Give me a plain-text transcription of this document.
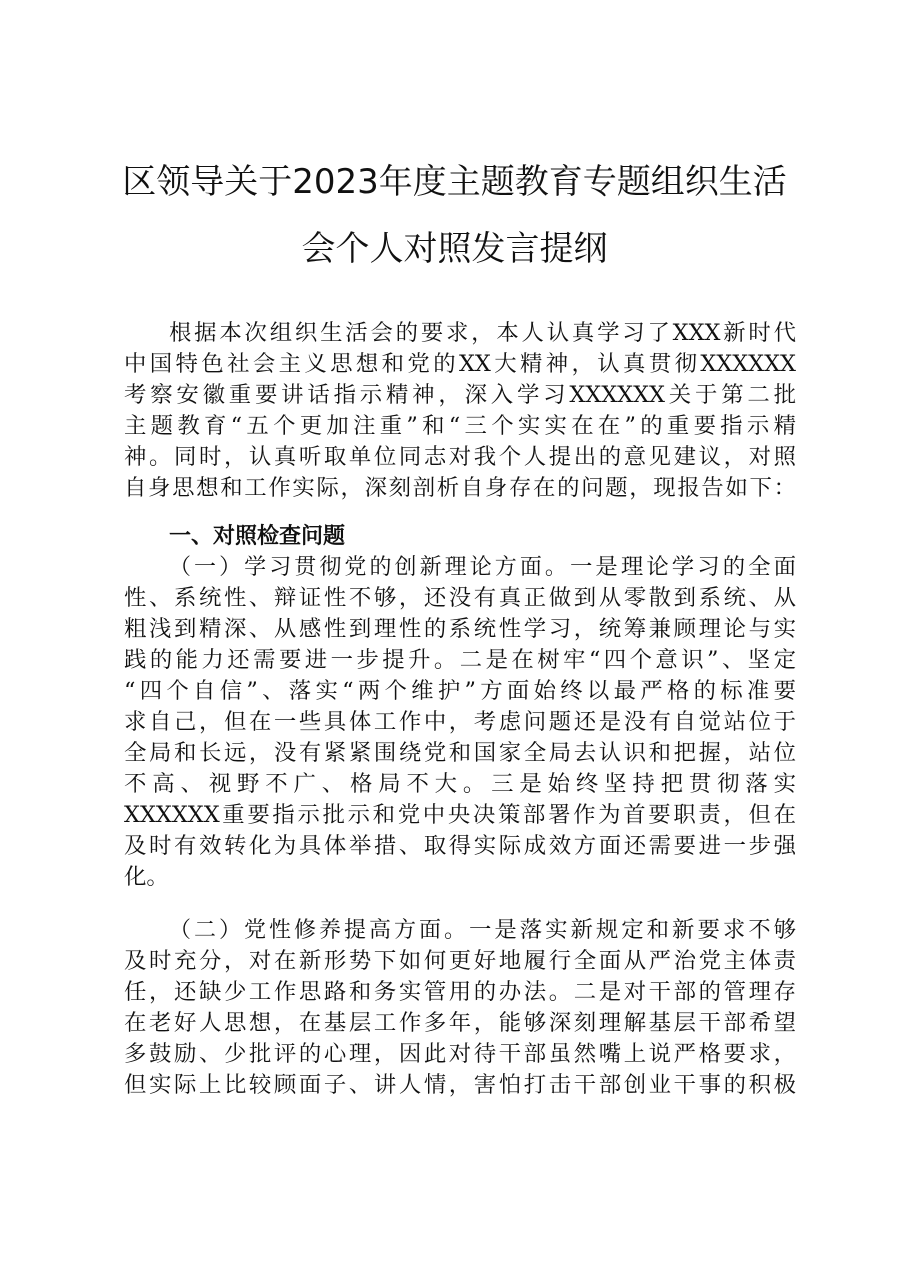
区领导关于2023年度主题教育专题组织生活
会个人对照发言提纲
根据本次组织生活会的要求，本人认真学习了XXX新时代
中国特色社会主义思想和党的XX大精神，认真贯彻XXXXXX
考察安徽重要讲话指示精神，深入学习XXXXXX关于第二批
主题教育“五个更加注重”和“三个实实在在”的重要指示精
神。同时，认真听取单位同志对我个人提出的意见建议，对照
自身思想和工作实际，深刻剖析自身存在的问题，现报告如下：
一、对照检查问题
（一）学习贯彻党的创新理论方面。一是理论学习的全面
性、系统性、辩证性不够，还没有真正做到从零散到系统、从
粗浅到精深、从感性到理性的系统性学习，统筹兼顾理论与实
践的能力还需要进一步提升。二是在树牢“四个意识”、坚定
“四个自信”、落实“两个维护”方面始终以最严格的标准要
求自己，但在一些具体工作中，考虑问题还是没有自觉站位于
全局和长远，没有紧紧围绕党和国家全局去认识和把握，站位
不高、视野不广、格局不大。三是始终坚持把贯彻落实
XXXXXX重要指示批示和党中央决策部署作为首要职责，但在
及时有效转化为具体举措、取得实际成效方面还需要进一步强
化。
（二）党性修养提高方面。一是落实新规定和新要求不够
及时充分，对在新形势下如何更好地履行全面从严治党主体责
任，还缺少工作思路和务实管用的办法。二是对干部的管理存
在老好人思想，在基层工作多年，能够深刻理解基层干部希望
多鼓励、少批评的心理，因此对待干部虽然嘴上说严格要求，
但实际上比较顾面子、讲人情，害怕打击干部创业干事的积极
